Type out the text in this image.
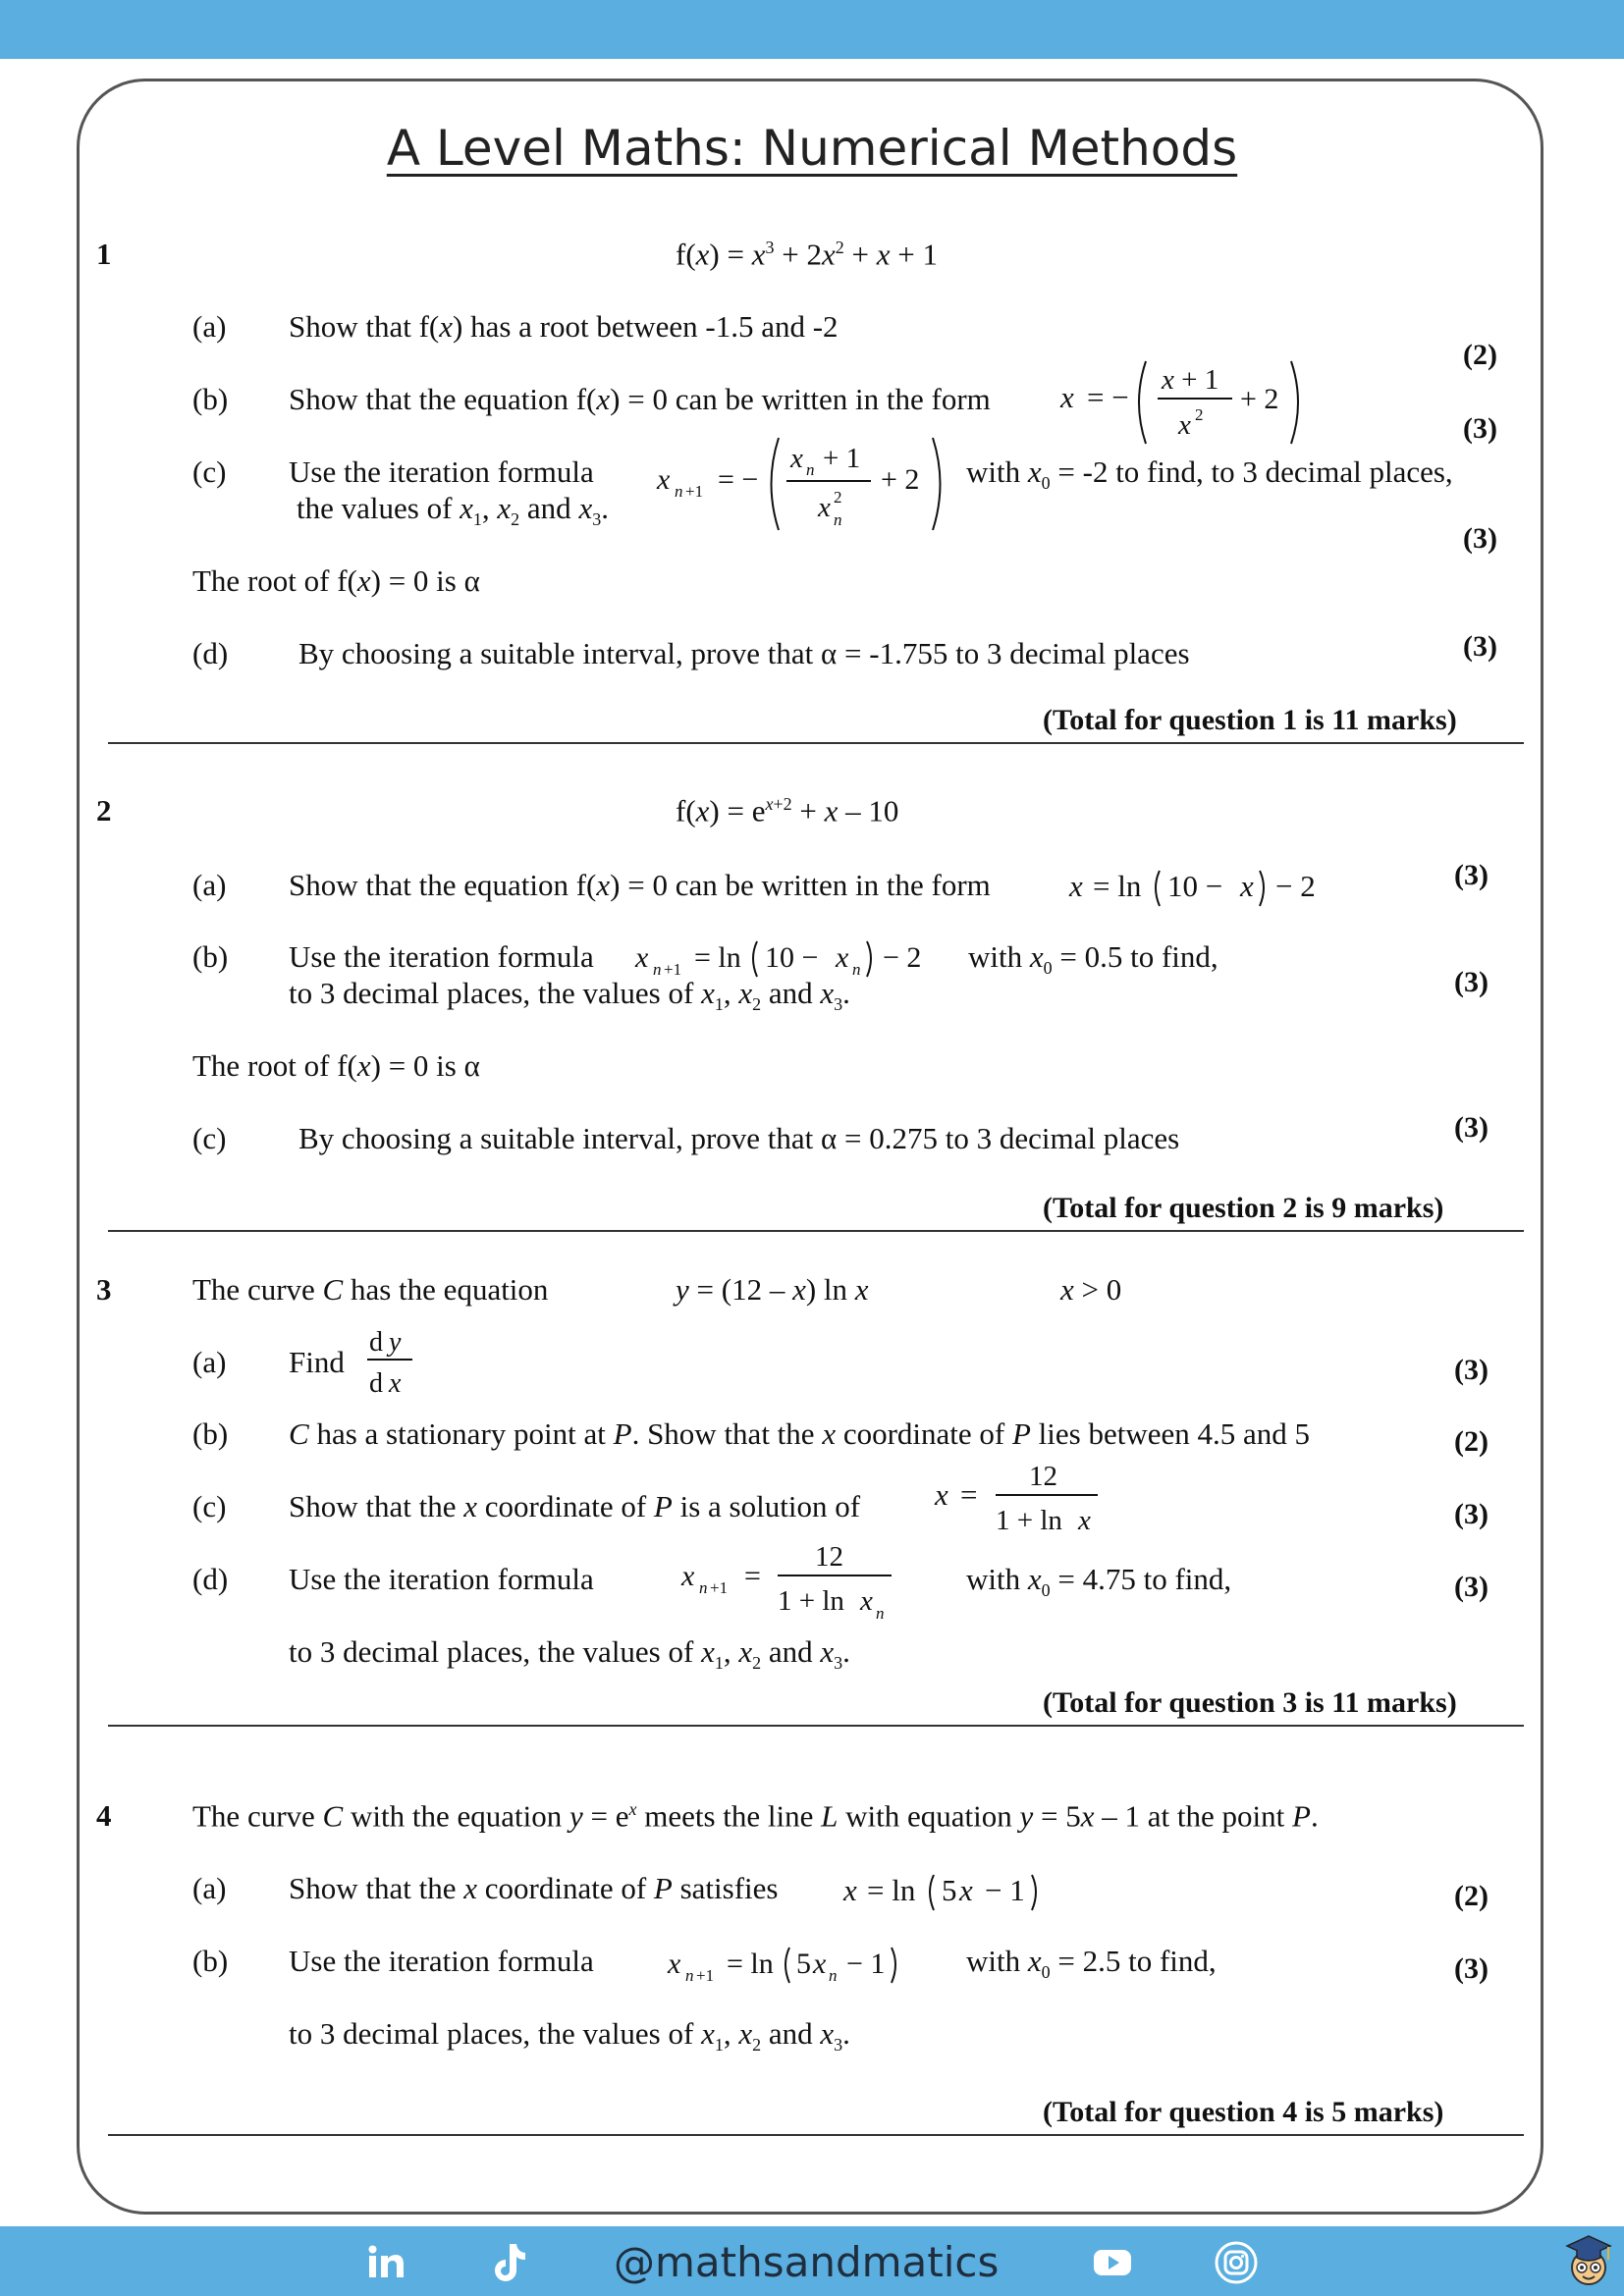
A Level Maths: Numerical Methods
1	$f(x) = x^3 + 2x^2 + x + 1$
(a) Show that f(x) has a root between -1.5 and -2
(2)
(b) Show that the equation f(x) = 0 can be written in the form x = − x + 1
x 2 + 2
(3)
(c) Use the iteration formula x n +1 = −
x n + 1
x 2
n
+ 2 with $x_0 = -2$ to find, to 3 decimal places,
the values of $x_1$, $x_2$ and $x_3$.
(3)
The root of f(x) = 0 is α
(d) By choosing a suitable interval, prove that α = -1.755 to 3 decimal places	(3)
(Total for question 1 is 11 marks)
2	$f(x) = e^{x+2} + x - 10$
(a) Show that the equation f(x) = 0 can be written in the form	x = ln 10 − x − 2	(3)
(b) Use the iteration formula x n +1 = ln 10 − x n − 2 with $x_0 = 0.5$ to find,
to 3 decimal places, the values of $x_1$, $x_2$ and $x_3$.	(3)
The root of f(x) = 0 is α
(c) By choosing a suitable interval, prove that α = 0.275 to 3 decimal places	(3)
(Total for question 2 is 9 marks)
3	The curve C has the equation	y = (12 – x) ln x	x > 0
(a) Find
d y
d x	(3)
(b) C has a stationary point at P. Show that the x coordinate of P lies between 4.5 and 5	(2)
(c) Show that the x coordinate of P is a solution of x =
12
1 + ln x	(3)
(d) Use the iteration formula	x n +1 =
12
1 + ln x n
with $x_0 = 4.75$ to find,
to 3 decimal places, the values of $x_1$, $x_2$ and $x_3$.
(3)
(Total for question 3 is 11 marks)
4	The curve C with the equation $y = e^x$ meets the line L with equation y = 5x – 1 at the point P.
(a) Show that the x coordinate of P satisfies x = ln 5 x − 1	(2)
(b) Use the iteration formula	x n +1 = ln 5 x n − 1	with $x_0 = 2.5$ to find,
to 3 decimal places, the values of $x_1$, $x_2$ and $x_3$.
(3)
(Total for question 4 is 5 marks)
@mathsandmatics
